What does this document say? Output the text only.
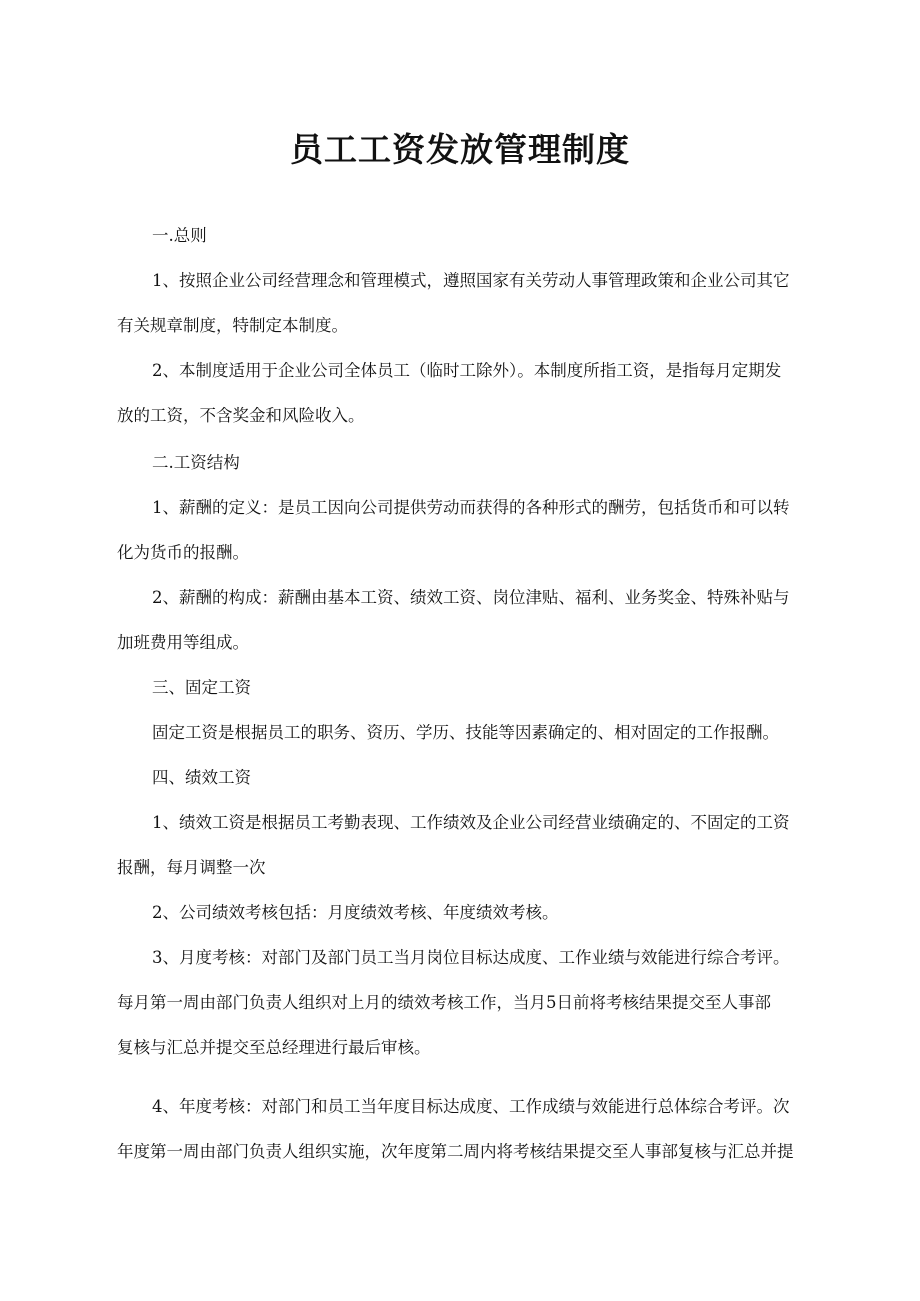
员工工资发放管理制度
一.总则
1、按照企业公司经营理念和管理模式，遵照国家有关劳动人事管理政策和企业公司其它
有关规章制度，特制定本制度。
2、本制度适用于企业公司全体员工（临时工除外）。本制度所指工资，是指每月定期发
放的工资，不含奖金和风险收入。
二.工资结构
1、薪酬的定义：是员工因向公司提供劳动而获得的各种形式的酬劳，包括货币和可以转
化为货币的报酬。
2、薪酬的构成：薪酬由基本工资、绩效工资、岗位津贴、福利、业务奖金、特殊补贴与
加班费用等组成。
三、固定工资
固定工资是根据员工的职务、资历、学历、技能等因素确定的、相对固定的工作报酬。
四、绩效工资
1、绩效工资是根据员工考勤表现、工作绩效及企业公司经营业绩确定的、不固定的工资
报酬，每月调整一次
2、公司绩效考核包括：月度绩效考核、年度绩效考核。
3、月度考核：对部门及部门员工当月岗位目标达成度、工作业绩与效能进行综合考评。
每月第一周由部门负责人组织对上月的绩效考核工作，当月5日前将考核结果提交至人事部
复核与汇总并提交至总经理进行最后审核。
4、年度考核：对部门和员工当年度目标达成度、工作成绩与效能进行总体综合考评。次
年度第一周由部门负责人组织实施，次年度第二周内将考核结果提交至人事部复核与汇总并提
